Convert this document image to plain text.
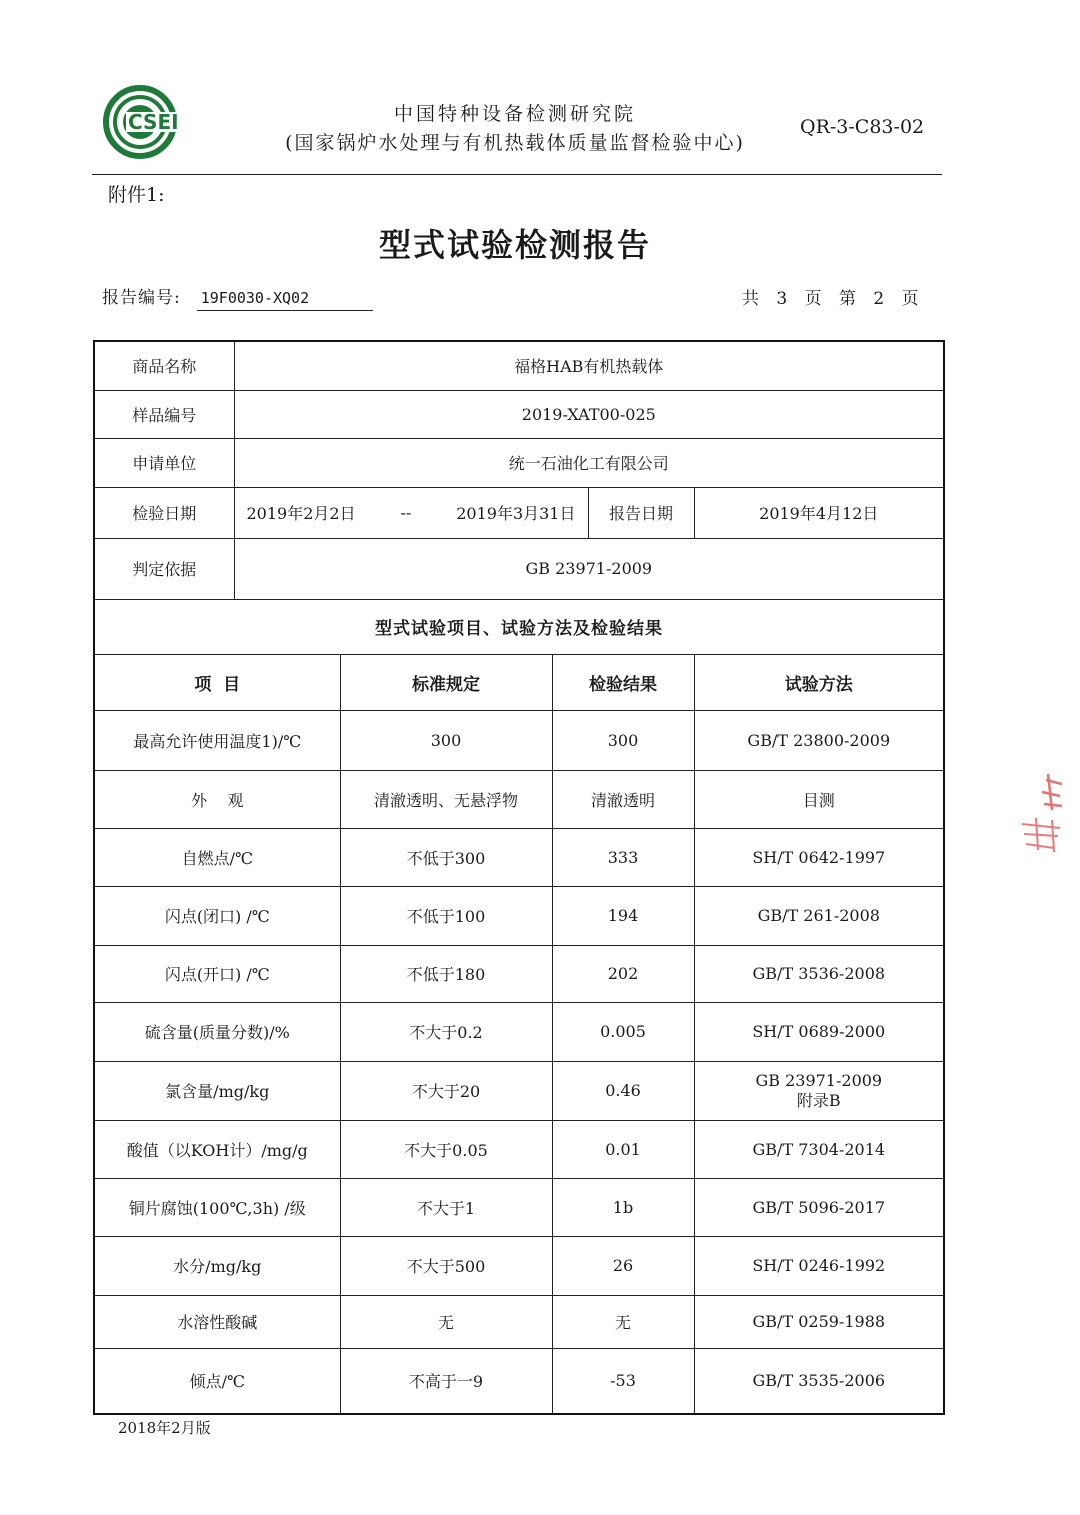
CSEI	中国特种设备检测研究院
(国家锅炉水处理与有机热载体质量监督检验中心)
QR-3-C83-02
附件1:
型式试验检测报告
报告编号: 19F0030-XQ02	共 3 页 第 2 页
商品名称	福格HAB有机热载体				
样品编号	2019-XAT00-025				
申请单位	统一石油化工有限公司				
检验日期	2019年2月2日 -- 2019年3月31日			报告日期	2019年4月12日
判定依据	GB 23971-2009				
型式试验项目、试验方法及检验结果					
项  目		标准规定	检验结果		试验方法
最高允许使用温度1)/℃		300	300		GB/T 23800-2009
外    观		清澈透明、无悬浮物	清澈透明		目测
自燃点/℃		不低于300	333		SH/T 0642-1997
闪点(闭口) /℃		不低于100	194		GB/T 261-2008
闪点(开口) /℃		不低于180	202		GB/T 3536-2008
硫含量(质量分数)/%		不大于0.2	0.005		SH/T 0689-2000
氯含量/mg/kg		不大于20	0.46		GB 23971-2009
附录B
酸值（以KOH计）/mg/g		不大于0.05	0.01		GB/T 7304-2014
铜片腐蚀(100℃,3h) /级		不大于1	1b		GB/T 5096-2017
水分/mg/kg		不大于500	26		SH/T 0246-1992
水溶性酸碱		无	无		GB/T 0259-1988
倾点/℃		不高于一9	-53		GB/T 3535-2006
2018年2月版
